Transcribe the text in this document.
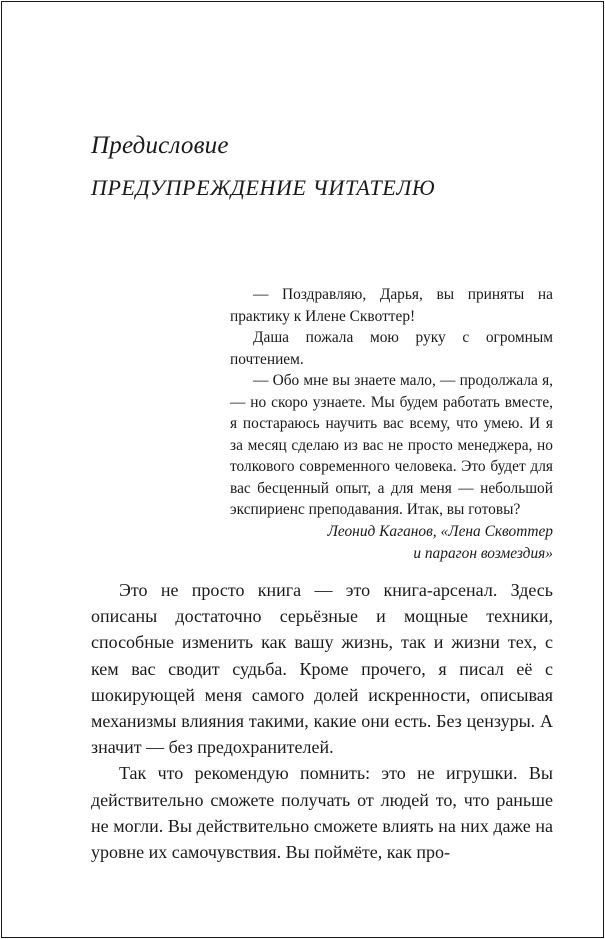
Предисловие
ПРЕДУПРЕЖДЕНИЕ ЧИТАТЕЛЮ

— Поздравляю, Дарья, вы приняты на практику к Илене Сквоттер!

Даша пожала мою руку с огромным почтением.

— Обо мне вы знаете мало, — продолжала я, — но скоро узнаете. Мы будем работать вместе, я постараюсь научить вас всему, что умею. И я за месяц сделаю из вас не просто менеджера, но толкового современного человека. Это будет для вас бесценный опыт, а для меня — небольшой экспириенс преподавания. Итак, вы готовы?

Леонид Каганов, «Лена Сквоттер
и парагон возмездия»

Это не просто книга — это книга-арсенал. Здесь описаны достаточно серьёзные и мощные техники, способные изменить как вашу жизнь, так и жизни тех, с кем вас сводит судьба. Кроме прочего, я писал её с шокирующей меня самого долей искренности, описывая механизмы влияния такими, какие они есть. Без цензуры. А значит — без предохранителей.

Так что рекомендую помнить: это не игрушки. Вы действительно сможете получать от людей то, что раньше не могли. Вы действительно сможете влиять на них даже на уровне их самочувствия. Вы поймёте, как про-
